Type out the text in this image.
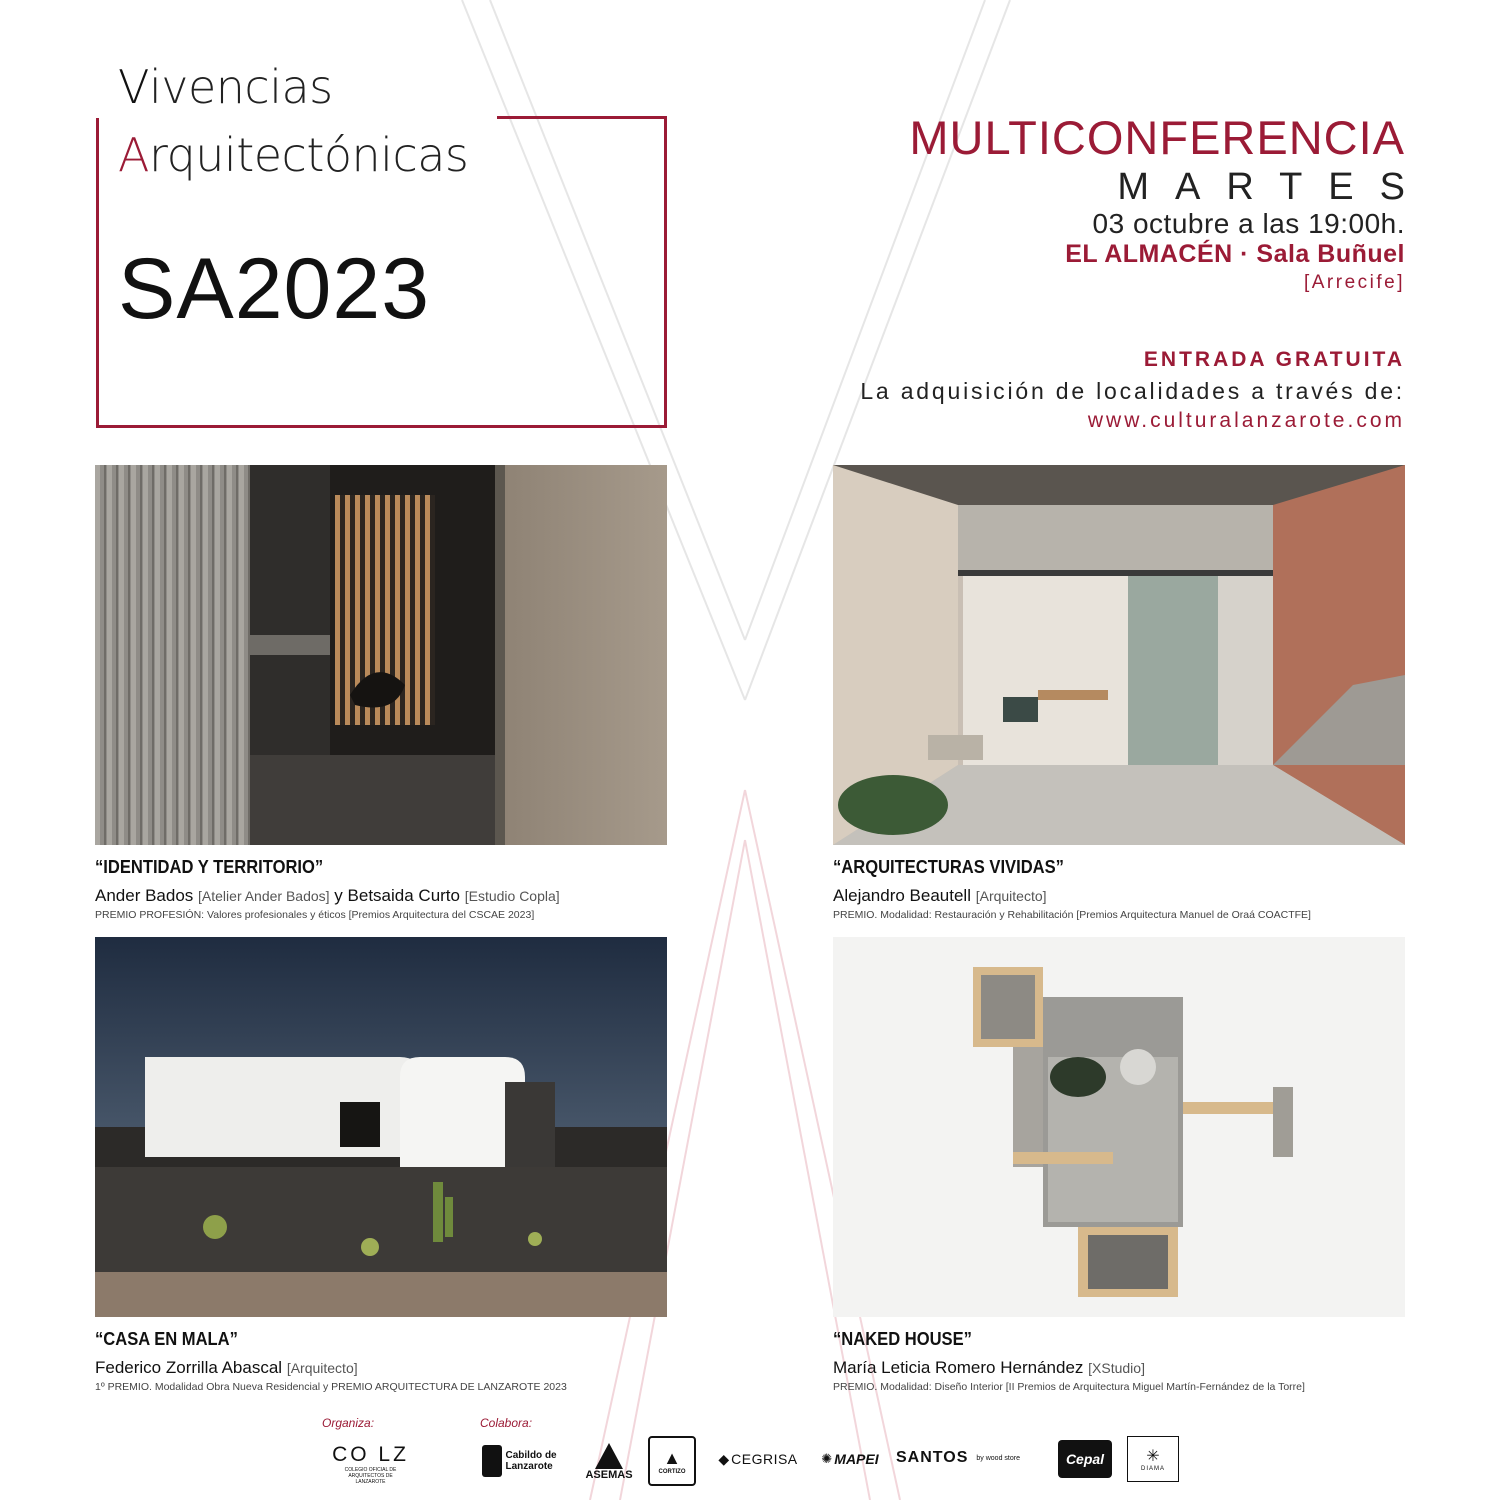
Vivencias
Arquitectónicas
SA2023
MULTICONFERENCIA
MARTES
03 octubre a las 19:00h.
EL ALMACÉN · Sala Buñuel
[Arrecife]
ENTRADA GRATUITA
La adquisición de localidades a través de:
www.culturalanzarote.com
“IDENTIDAD Y TERRITORIO”
Ander Bados [Atelier Ander Bados] y Betsaida Curto [Estudio Copla]
PREMIO PROFESIÓN: Valores profesionales y éticos [Premios Arquitectura del CSCAE 2023]
“ARQUITECTURAS VIVIDAS”
Alejandro Beautell [Arquitecto]
PREMIO. Modalidad: Restauración y Rehabilitación [Premios Arquitectura Manuel de Oraá COACTFE]
“CASA EN MALA”
Federico Zorrilla Abascal [Arquitecto]
1º PREMIO. Modalidad Obra Nueva Residencial y PREMIO ARQUITECTURA DE LANZAROTE 2023
“NAKED HOUSE”
María Leticia Romero Hernández [XStudio]
PREMIO. Modalidad: Diseño Interior [II Premios de Arquitectura Miguel Martín-Fernández de la Torre]
Organiza:	Colabora:
CO LZ
COLEGIO OFICIAL DE ARQUITECTOS DE LANZAROTE
Cabildo de Lanzarote
ASEMAS
▲
CORTIZO
◆ CEGRISA ✺ MAPEI SANTOS by wood store	Cepal	✳
DIAMA
